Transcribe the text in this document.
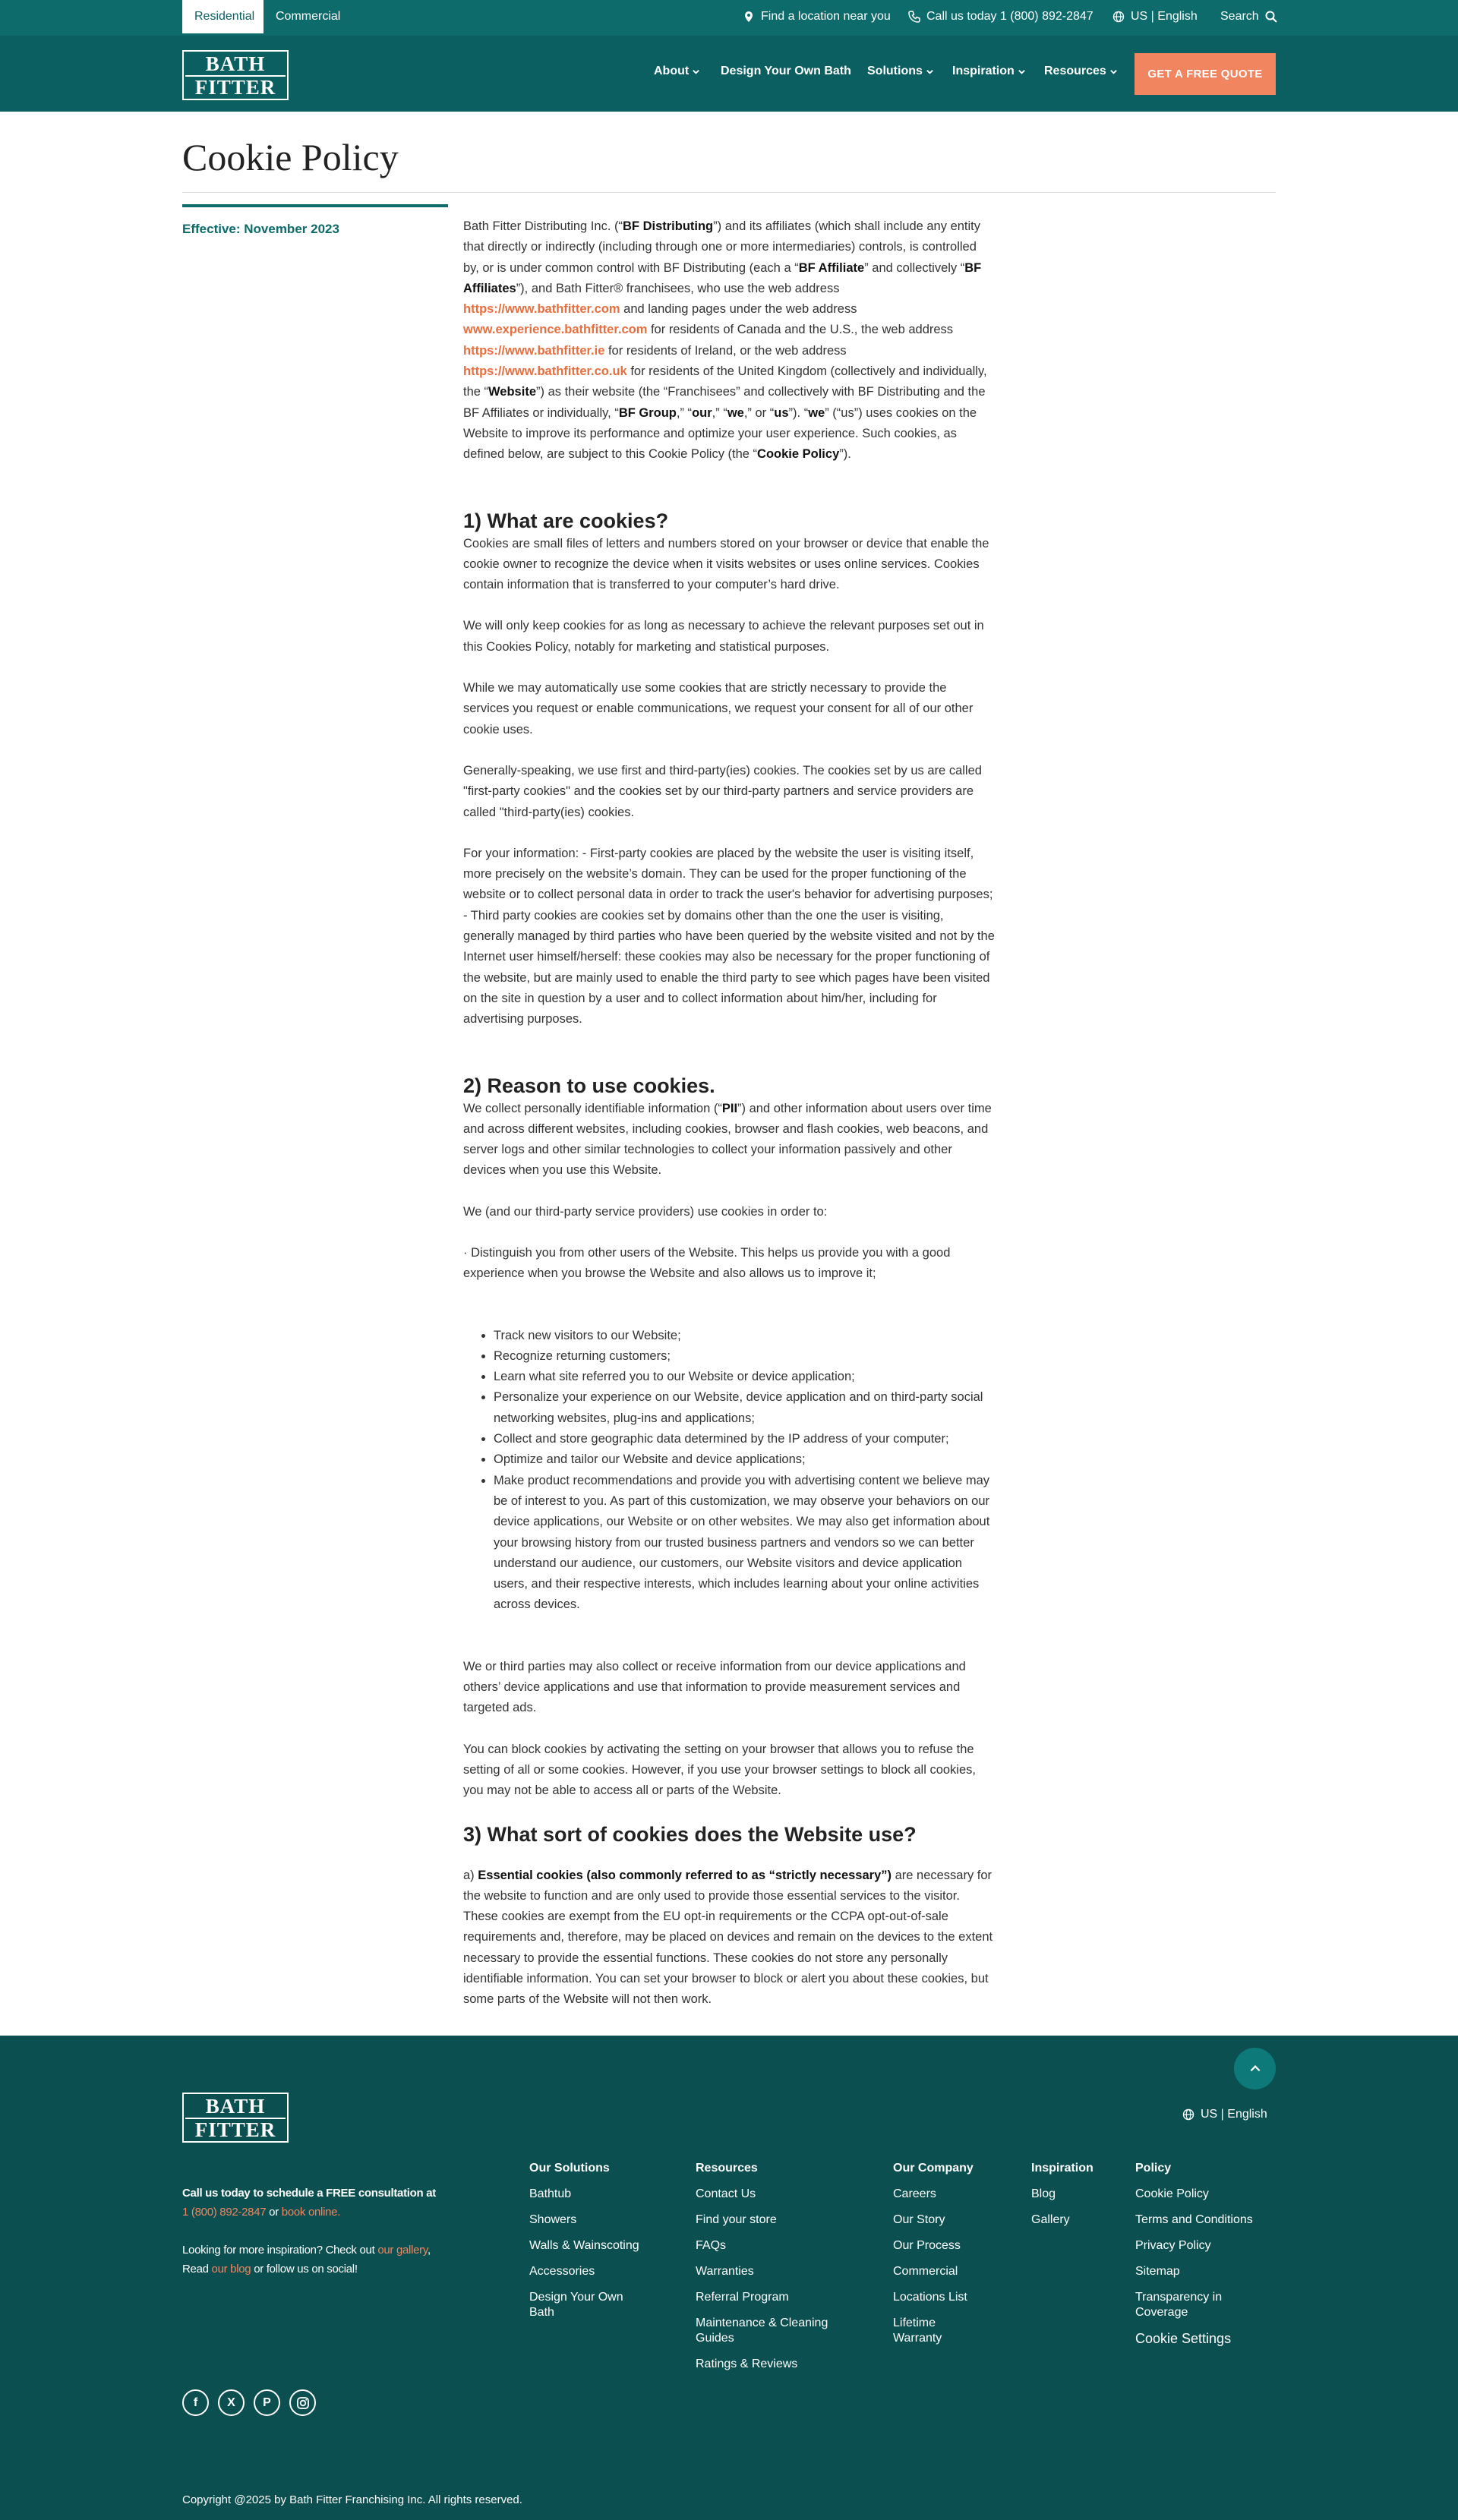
Residential	Commercial	Find a location near you	Call us today 1 (800) 892-2847	US | English Search
BATH
FITTER
About	Design Your Own Bath Solutions Inspiration Resources	GET A FREE QUOTE
Cookie Policy
Effective: November 2023	Bath Fitter Distributing Inc. (“BF Distributing”) and its affiliates (which shall include any entity that directly or indirectly (including through one or more intermediaries) controls, is controlled by, or is under common control with BF Distributing (each a “BF Affiliate” and collectively “BF Affiliates”), and Bath Fitter® franchisees, who use the web address https://www.bathfitter.com and landing pages under the web address www.experience.bathfitter.com for residents of Canada and the U.S., the web address https://www.bathfitter.ie for residents of Ireland, or the web address https://www.bathfitter.co.uk for residents of the United Kingdom (collectively and individually, the “Website”) as their website (the “Franchisees” and collectively with BF Distributing and the BF Affiliates or individually, “BF Group,” “our,” “we,” or “us”). “we” (“us”) uses cookies on the Website to improve its performance and optimize your user experience. Such cookies, as defined below, are subject to this Cookie Policy (the “Cookie Policy”).

1) What are cookies?

Cookies are small files of letters and numbers stored on your browser or device that enable the cookie owner to recognize the device when it visits websites or uses online services. Cookies contain information that is transferred to your computer’s hard drive.

We will only keep cookies for as long as necessary to achieve the relevant purposes set out in this Cookies Policy, notably for marketing and statistical purposes.

While we may automatically use some cookies that are strictly necessary to provide the services you request or enable communications, we request your consent for all of our other cookie uses.

Generally-speaking, we use first and third-party(ies) cookies. The cookies set by us are called "first-party cookies" and the cookies set by our third-party partners and service providers are called "third-party(ies) cookies.

For your information: - First-party cookies are placed by the website the user is visiting itself, more precisely on the website’s domain. They can be used for the proper functioning of the website or to collect personal data in order to track the user's behavior for advertising purposes; - Third party cookies are cookies set by domains other than the one the user is visiting, generally managed by third parties who have been queried by the website visited and not by the Internet user himself/herself: these cookies may also be necessary for the proper functioning of the website, but are mainly used to enable the third party to see which pages have been visited on the site in question by a user and to collect information about him/her, including for advertising purposes.

2) Reason to use cookies.

We collect personally identifiable information (“PII”) and other information about users over time and across different websites, including cookies, browser and flash cookies, web beacons, and server logs and other similar technologies to collect your information passively and other devices when you use this Website.

We (and our third-party service providers) use cookies in order to:

· Distinguish you from other users of the Website. This helps us provide you with a good experience when you browse the Website and also allows us to improve it;

• Track new visitors to our Website;
• Recognize returning customers;
• Learn what site referred you to our Website or device application;
• Personalize your experience on our Website, device application and on third-party social networking websites, plug-ins and applications;
• Collect and store geographic data determined by the IP address of your computer;
• Optimize and tailor our Website and device applications;
• Make product recommendations and provide you with advertising content we believe may be of interest to you. As part of this customization, we may observe your behaviors on our device applications, our Website or on other websites. We may also get information about your browsing history from our trusted business partners and vendors so we can better understand our audience, our customers, our Website visitors and device application users, and their respective interests, which includes learning about your online activities across devices.

We or third parties may also collect or receive information from our device applications and others’ device applications and use that information to provide measurement services and targeted ads.

You can block cookies by activating the setting on your browser that allows you to refuse the setting of all or some cookies. However, if you use your browser settings to block all cookies, you may not be able to access all or parts of the Website.

3) What sort of cookies does the Website use?

a) Essential cookies (also commonly referred to as “strictly necessary”) are necessary for the website to function and are only used to provide those essential services to the visitor. These cookies are exempt from the EU opt-in requirements or the CCPA opt-out-of-sale requirements and, therefore, may be placed on devices and remain on the devices to the extent necessary to provide the essential functions. These cookies do not store any personally identifiable information. You can set your browser to block or alert you about these cookies, but some parts of the Website will not then work.

BATH
FITTER
US | English
Call us today to schedule a FREE consultation at
1 (800) 892-2847 or book online.
Looking for more inspiration? Check out our gallery,
Read our blog or follow us on social!
Our Solutions
Bathtub
Showers
Walls & Wainscoting
Accessories
Design Your Own Bath
Resources
Contact Us
Find your store
FAQs
Warranties
Referral Program
Maintenance & Cleaning Guides
Ratings & Reviews
Our Company
Careers
Our Story
Our Process
Commercial
Locations List
Lifetime Warranty
Inspiration
Blog
Gallery
Policy
Cookie Policy
Terms and Conditions
Privacy Policy
Sitemap
Transparency in Coverage
Cookie Settings
f	X	P
Copyright @2025 by Bath Fitter Franchising Inc. All rights reserved.
